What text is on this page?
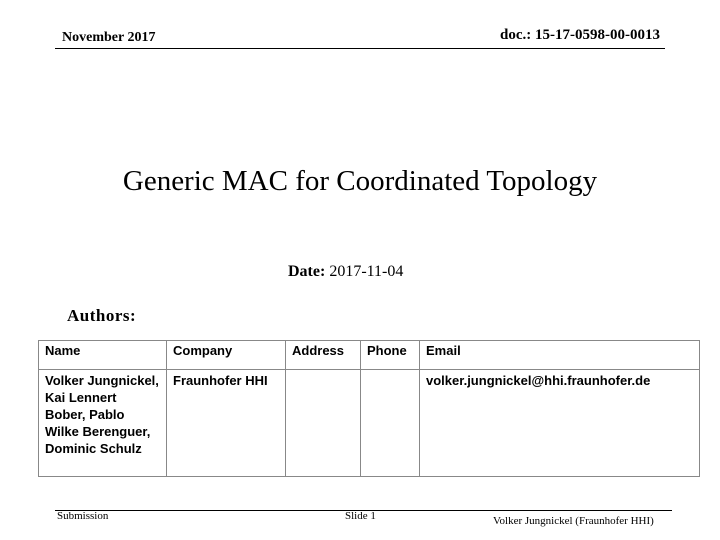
November 2017	doc.: 15-17-0598-00-0013
Generic MAC for Coordinated Topology
Date: 2017-11-04
Authors:
Name	Company	Address	Phone	Email
Volker Jungnickel, Kai Lennert Bober, Pablo Wilke Berenguer, Dominic Schulz	Fraunhofer HHI			volker.jungnickel@hhi.fraunhofer.de
Submission	Slide 1	Volker Jungnickel (Fraunhofer HHI)
